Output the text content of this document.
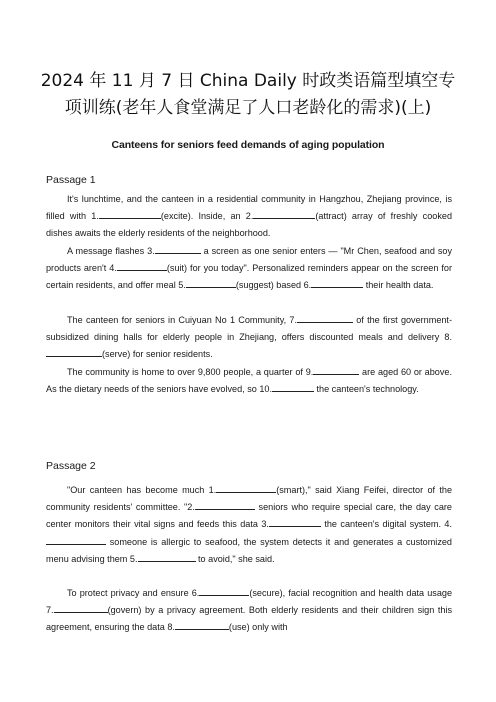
2024 年 11 月 7 日 China Daily 时政类语篇型填空专
项训练(老年人食堂满足了人口老龄化的需求)(上)
Canteens for seniors feed demands of aging population
Passage 1

It's lunchtime, and the canteen in a residential community in Hangzhou, Zhejiang province, is filled with 1.	(excite). Inside, an 2.	(attract) array of freshly cooked dishes awaits the elderly residents of the neighborhood.

A message flashes 3.	a screen as one senior enters — "Mr Chen, seafood and soy products aren't 4.	(suit) for you today". Personalized reminders appear on the screen for certain residents, and offer meal 5.	(suggest) based 6.	their health data.

The canteen for seniors in Cuiyuan No 1 Community, 7.	of the first government-subsidized dining halls for elderly people in Zhejiang, offers discounted meals and delivery 8.(serve) for senior residents.

The community is home to over 9,800 people, a quarter of 9.	are aged 60 or above. As the dietary needs of the seniors have evolved, so 10.	the canteen's technology.

Passage 2

"Our canteen has become much 1.	(smart)," said Xiang Feifei, director of the community residents' committee. "2.	seniors who require special care, the day care center monitors their vital signs and feeds this data 3.	the canteen's digital system. 4. someone is allergic to seafood, the system detects it and generates a customized menu advising them 5.	to avoid," she said.

To protect privacy and ensure 6.	(secure), facial recognition and health data usage 7.	(govern) by a privacy agreement. Both elderly residents and their children sign this agreement, ensuring the data 8.	(use) only with
